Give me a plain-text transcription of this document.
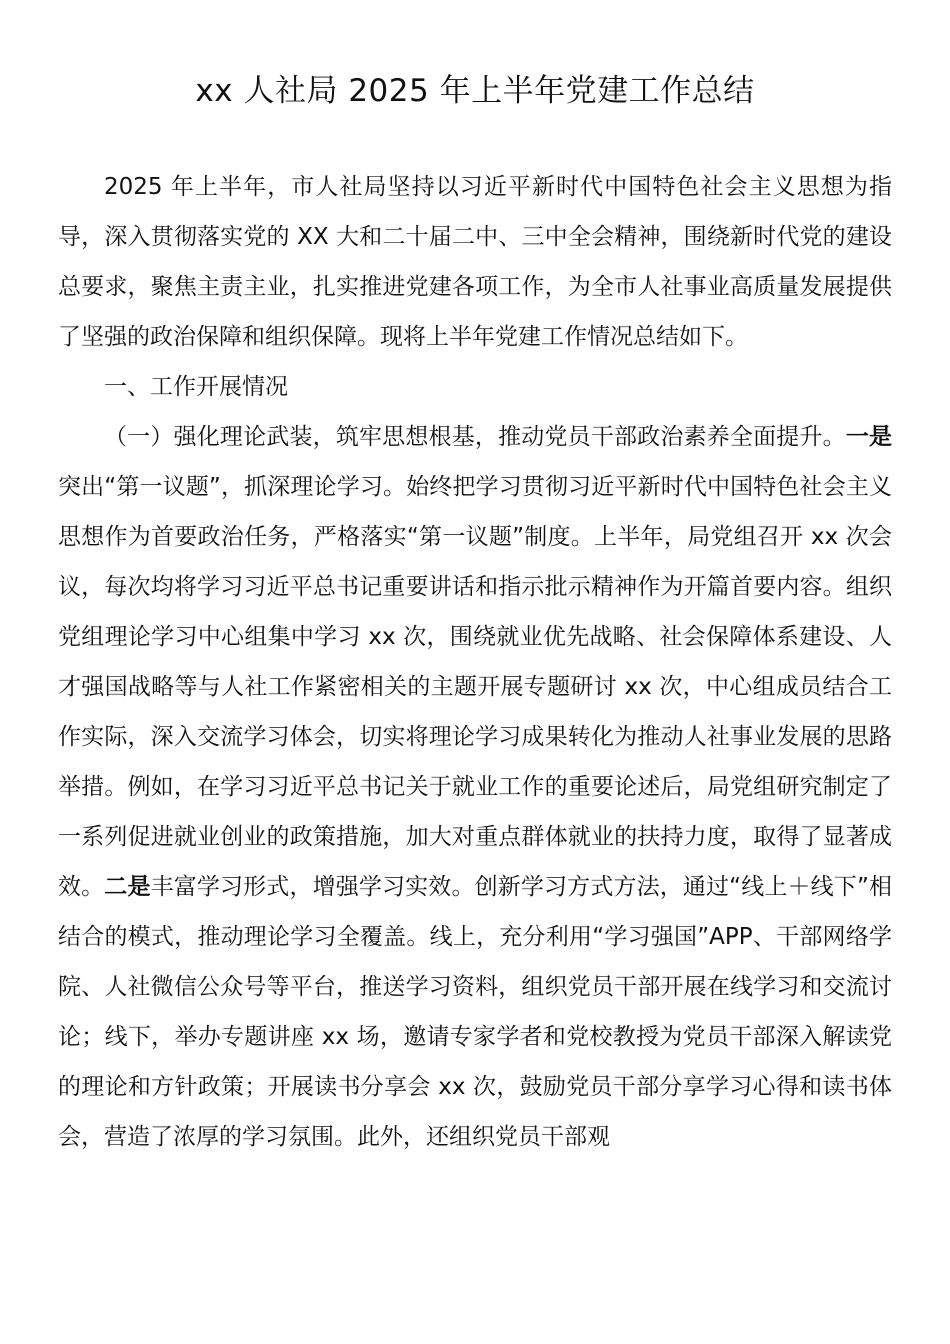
xx 人社局 2025 年上半年党建工作总结

2025 年上半年，市人社局坚持以习近平新时代中国特色社会主义思想为指导，深入贯彻落实党的 XX 大和二十届二中、三中全会精神，围绕新时代党的建设总要求，聚焦主责主业，扎实推进党建各项工作，为全市人社事业高质量发展提供了坚强的政治保障和组织保障。现将上半年党建工作情况总结如下。

一、工作开展情况

（一）强化理论武装，筑牢思想根基，推动党员干部政治素养全面提升。一是突出“第一议题”，抓深理论学习。始终把学习贯彻习近平新时代中国特色社会主义思想作为首要政治任务，严格落实“第一议题”制度。上半年，局党组召开 xx 次会议，每次均将学习习近平总书记重要讲话和指示批示精神作为开篇首要内容。组织党组理论学习中心组集中学习 xx 次，围绕就业优先战略、社会保障体系建设、人才强国战略等与人社工作紧密相关的主题开展专题研讨 xx 次，中心组成员结合工作实际，深入交流学习体会，切实将理论学习成果转化为推动人社事业发展的思路举措。例如，在学习习近平总书记关于就业工作的重要论述后，局党组研究制定了一系列促进就业创业的政策措施，加大对重点群体就业的扶持力度，取得了显著成效。二是丰富学习形式，增强学习实效。创新学习方式方法，通过“线上＋线下”相结合的模式，推动理论学习全覆盖。线上，充分利用“学习强国”APP、干部网络学院、人社微信公众号等平台，推送学习资料，组织党员干部开展在线学习和交流讨论；线下，举办专题讲座 xx 场，邀请专家学者和党校教授为党员干部深入解读党的理论和方针政策；开展读书分享会 xx 次，鼓励党员干部分享学习心得和读书体会，营造了浓厚的学习氛围。此外，还组织党员干部观
